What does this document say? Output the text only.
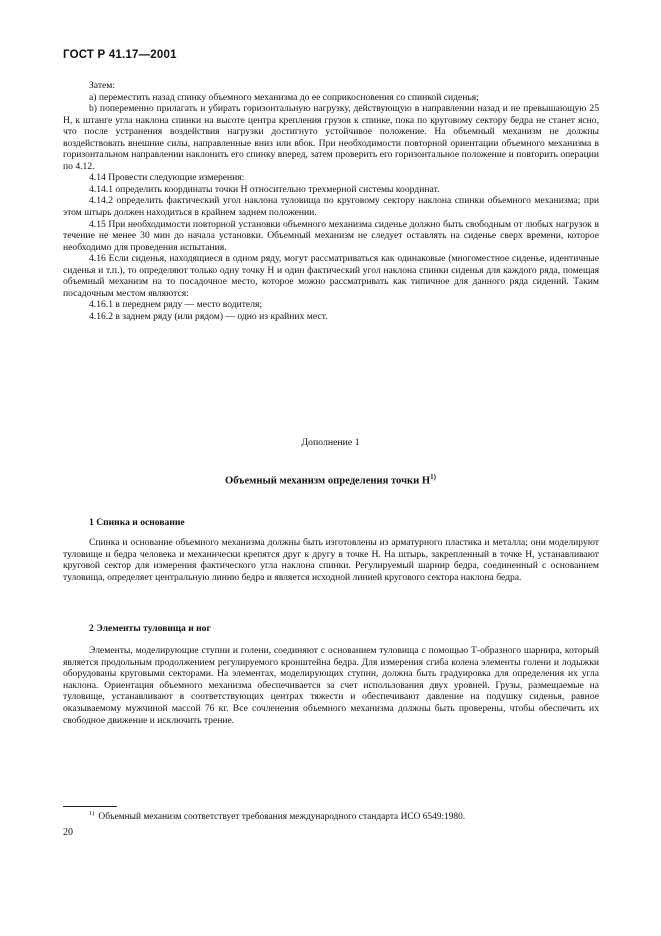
ГОСТ Р 41.17—2001

Затем:

a) переместить назад спинку объемного механизма до ее соприкосновения со спинкой сиденья;

b) попеременно прилагать и убирать горизонтальную нагрузку, действующую в направлении назад и не превышающую 25 Н, к штанге угла наклона спинки на высоте центра крепления грузов к спинке, пока по круговому сектору бедра не станет ясно, что после устранения воздействия нагрузки достигнуто устойчивое положение. На объемный механизм не должны воздействовать внешние силы, направленные вниз или вбок. При необходимости повторной ориентации объемного механизма в горизонтальном направлении наклонить его спинку вперед, затем проверить его горизонтальное положение и повторить операции по 4.12.

4.14 Провести следующие измерения:

4.14.1 определить координаты точки Н относительно трехмерной системы координат.

4.14.2 определить фактический угол наклона туловища по круговому сектору наклона спинки объемного механизма; при этом штырь должен находиться в крайнем заднем положении.

4.15 При необходимости повторной установки объемного механизма сиденье должно быть свободным от любых нагрузок в течение не менее 30 мин до начала установки. Объемный механизм не следует оставлять на сиденье сверх времени, которое необходимо для проведения испытания.

4.16 Если сиденья, находящиеся в одном ряду, могут рассматриваться как одинаковые (многоместное сиденье, идентичные сиденья и т.п.), то определяют только одну точку Н и один фактический угол наклона спинки сиденья для каждого ряда, помещая объемный механизм на то посадочное место, которое можно рассматривать как типичное для данного ряда сидений. Таким посадочным местом являются:

4.16.1 в переднем ряду — место водителя;

4.16.2 в заднем ряду (или рядом) — одно из крайних мест.

Дополнение 1
Объемный механизм определения точки $Н^{1)}$
1 Спинка и основание
Спинка и основание объемного механизма должны быть изготовлены из арматурного пластика и металла; они моделируют туловище и бедра человека и механически крепятся друг к другу в точке Н. На штырь, закрепленный в точке Н, устанавливают круговой сектор для измерения фактического угла наклона спинки. Регулируемый шарнир бедра, соединенный с основанием туловища, определяет центральную линию бедра и является исходной линией кругового сектора наклона бедра.
2 Элементы туловища и ног
Элементы, моделирующие ступни и голени, соединяют с основанием туловища с помощью Т-образного шарнира, который является продольным продолжением регулируемого кронштейна бедра. Для измерения сгиба колена элементы голени и лодыжки оборудованы круговыми секторами. На элементах, моделирующих ступни, должна быть градуировка для определения их угла наклона. Ориентация объемного механизма обеспечивается за счет использования двух уровней. Грузы, размещаемые на туловище, устанавливают в соответствующих центрах тяжести и обеспечивают давление на подушку сиденья, равное оказываемому мужчиной массой 76 кг. Все сочленения объемного механизма должны быть проверены, чтобы обеспечить их свободное движение и исключить трение.
$^{1)}$ Объемный механизм соответствует требования международного стандарта ИСО 6549:1980.
20
